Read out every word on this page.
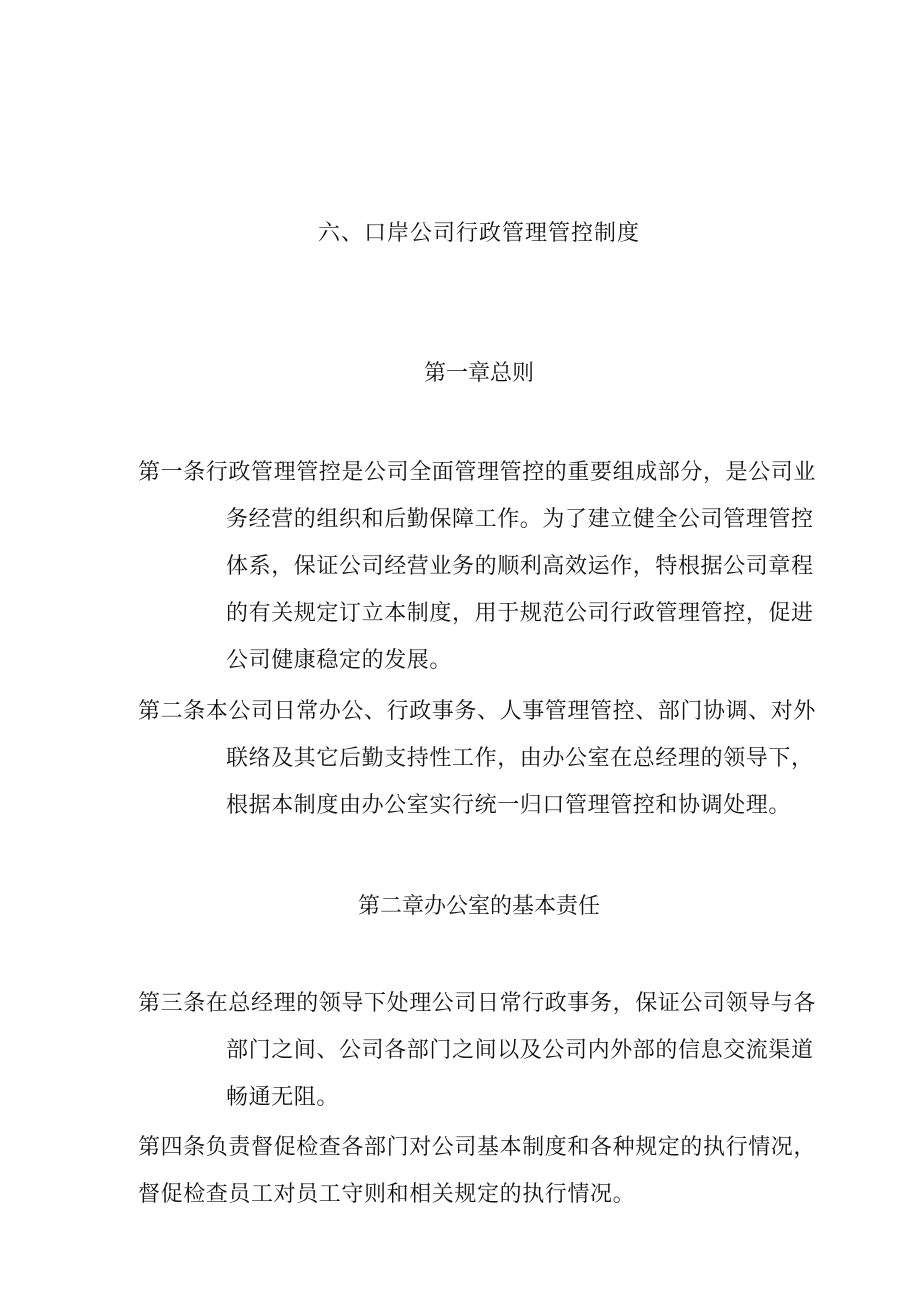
六、口岸公司行政管理管控制度
第一章总则
第一条行政管理管控是公司全面管理管控的重要组成部分，是公司业
务经营的组织和后勤保障工作。为了建立健全公司管理管控
体系，保证公司经营业务的顺利高效运作，特根据公司章程
的有关规定订立本制度，用于规范公司行政管理管控，促进
公司健康稳定的发展。
第二条本公司日常办公、行政事务、人事管理管控、部门协调、对外
联络及其它后勤支持性工作，由办公室在总经理的领导下，
根据本制度由办公室实行统一归口管理管控和协调处理。
第二章办公室的基本责任
第三条在总经理的领导下处理公司日常行政事务，保证公司领导与各
部门之间、公司各部门之间以及公司内外部的信息交流渠道
畅通无阻。
第四条负责督促检查各部门对公司基本制度和各种规定的执行情况，
督促检查员工对员工守则和相关规定的执行情况。
